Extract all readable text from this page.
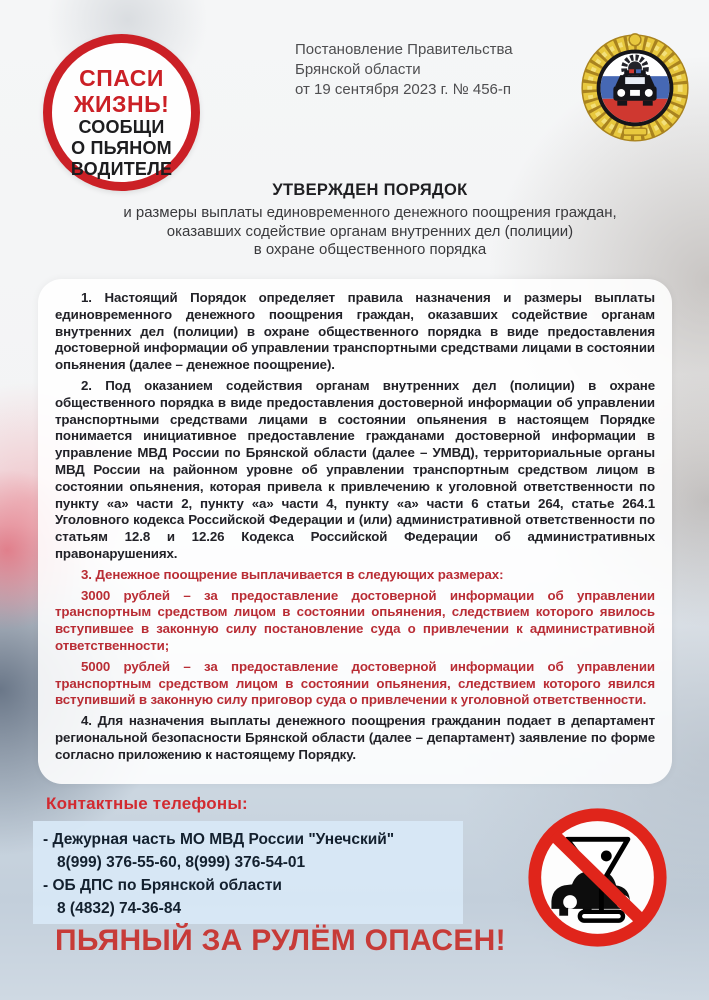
СПАСИ
ЖИЗНЬ!
СООБЩИ
О ПЬЯНОМ
ВОДИТЕЛЕ
Постановление Правительства
Брянской области
от 19 сентября 2023 г. № 456-п
УТВЕРЖДЕН ПОРЯДОК
и размеры выплаты единовременного денежного поощрения граждан,
оказавших содействие органам внутренних дел (полиции)
в охране общественного порядка

1. Настоящий Порядок определяет правила назначения и размеры выплаты единовременного денежного поощрения граждан, оказавших содействие органам внутренних дел (полиции) в охране общественного порядка в виде предоставления достоверной информации об управлении транспортными средствами лицами в состоянии опьянения (далее – денежное поощрение).

2. Под оказанием содействия органам внутренних дел (полиции) в охране общественного порядка в виде предоставления достоверной информации об управлении транспортными средствами лицами в состоянии опьянения в настоящем Порядке понимается инициативное предоставление гражданами достоверной информации в управление МВД России по Брянской области (далее – УМВД), территориальные органы МВД России на районном уровне об управлении транспортным средством лицом в состоянии опьянения, которая привела к привлечению к уголовной ответственности по пункту «а» части 2, пункту «а» части 4, пункту «а» части 6 статьи 264, статье 264.1 Уголовного кодекса Российской Федерации и (или) административной ответственности по статьям 12.8 и 12.26 Кодекса Российской Федерации об административных правонарушениях.

3. Денежное поощрение выплачивается в следующих размерах:

3000 рублей – за предоставление достоверной информации об управлении транспортным средством лицом в состоянии опьянения, следствием которого явилось вступившее в законную силу постановление суда о привлечении к административной ответственности;

5000 рублей – за предоставление достоверной информации об управлении транспортным средством лицом в состоянии опьянения, следствием которого явился вступивший в законную силу приговор суда о привлечении к уголовной ответственности.

4. Для назначения выплаты денежного поощрения гражданин подает в департамент региональной безопасности Брянской области (далее – департамент) заявление по форме согласно приложению к настоящему Порядку.

Контактные телефоны:
- Дежурная часть МО МВД России "Унечский"
8(999) 376-55-60, 8(999) 376-54-01
- ОБ ДПС по Брянской области
8 (4832) 74-36-84
ПЬЯНЫЙ ЗА РУЛЁМ ОПАСЕН!
